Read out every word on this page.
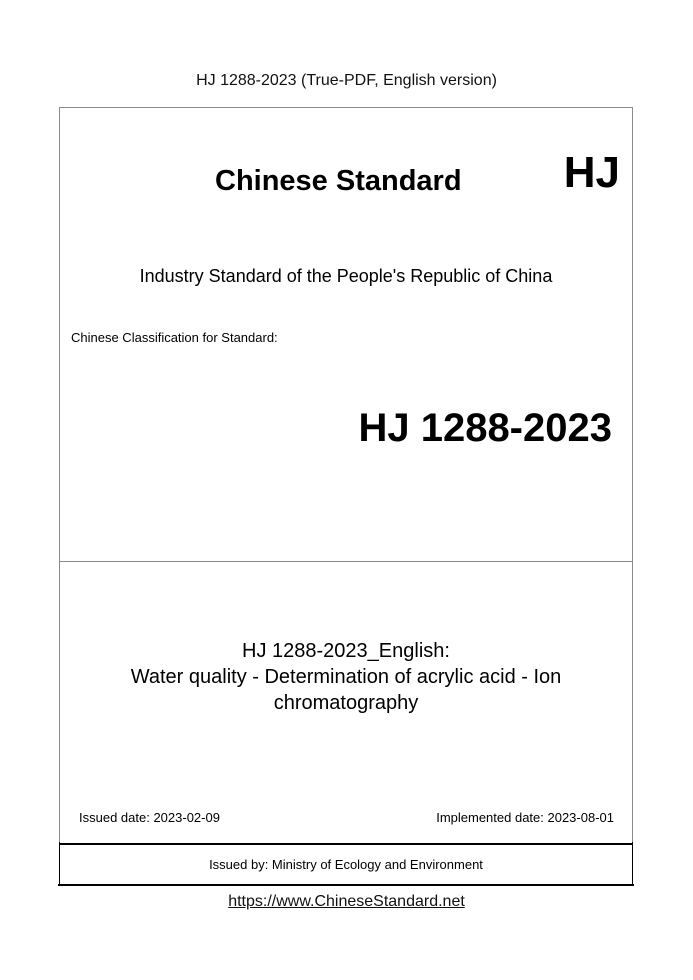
HJ 1288-2023 (True-PDF, English version)
Chinese Standard HJ
Industry Standard of the People's Republic of China
Chinese Classification for Standard:
HJ 1288-2023
HJ 1288-2023_English:
Water quality - Determination of acrylic acid - Ion
chromatography
Issued date: 2023-02-09	Implemented date: 2023-08-01
Issued by: Ministry of Ecology and Environment
https://www.ChineseStandard.net
